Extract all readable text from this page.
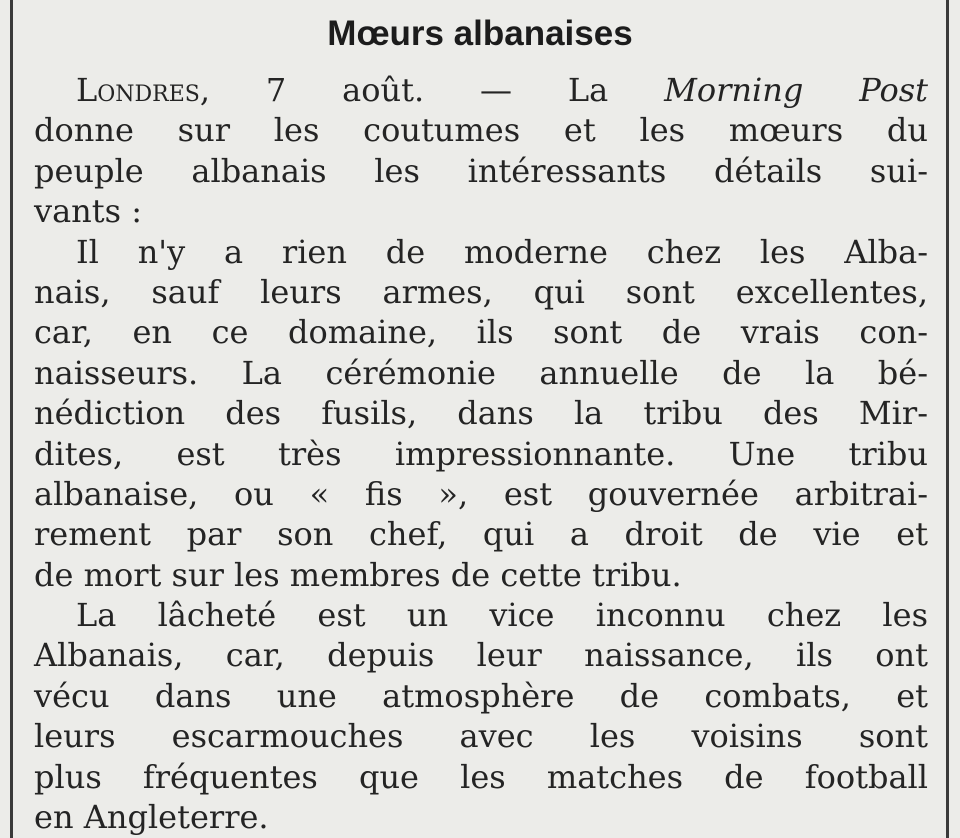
Mœurs albanaises
Londres, 7 août. — La Morning Post
donne sur les coutumes et les mœurs du
peuple albanais les intéressants détails sui-
vants :
Il n'y a rien de moderne chez les Alba-
nais, sauf leurs armes, qui sont excellentes,
car, en ce domaine, ils sont de vrais con-
naisseurs. La cérémonie annuelle de la bé-
nédiction des fusils, dans la tribu des Mir-
dites, est très impressionnante. Une tribu
albanaise, ou « fis », est gouvernée arbitrai-
rement par son chef, qui a droit de vie et
de mort sur les membres de cette tribu.
La lâcheté est un vice inconnu chez les
Albanais, car, depuis leur naissance, ils ont
vécu dans une atmosphère de combats, et
leurs escarmouches avec les voisins sont
plus fréquentes que les matches de football
en Angleterre.
